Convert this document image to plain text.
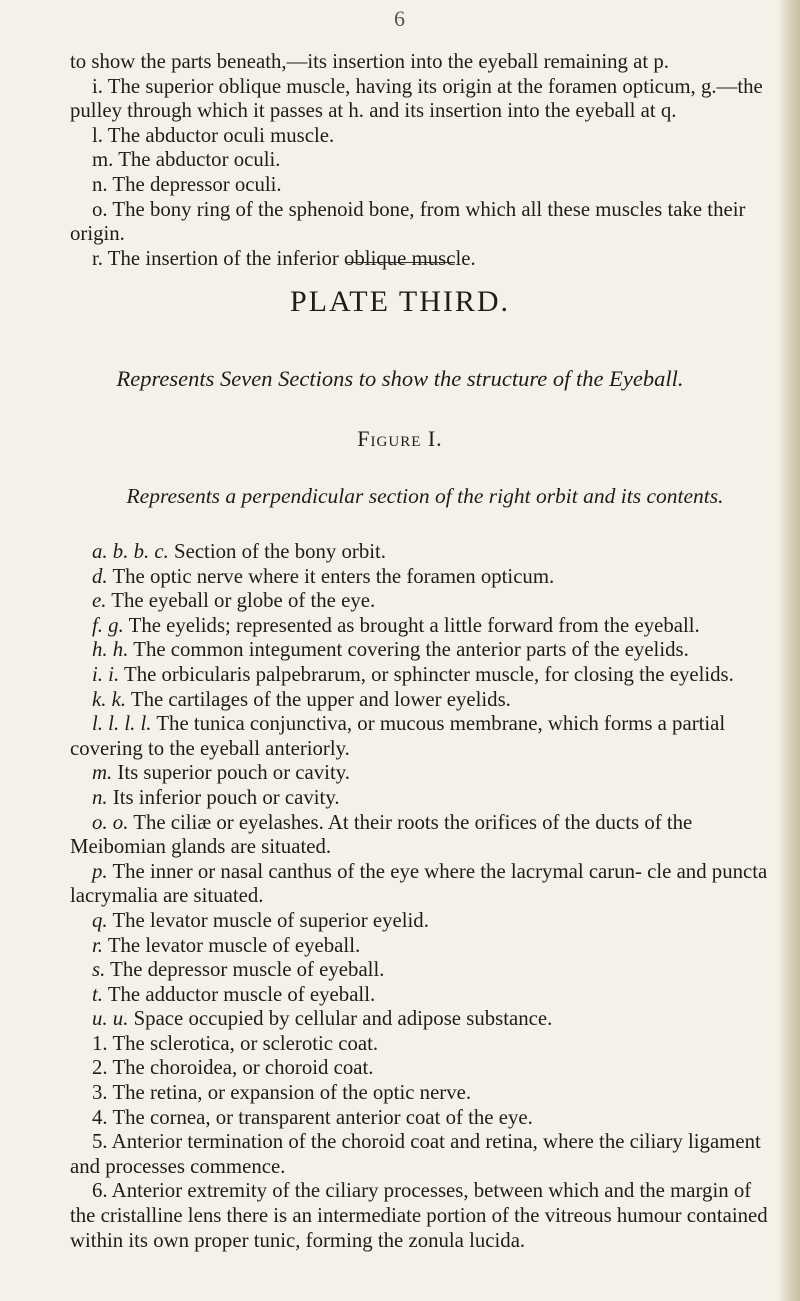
6

to show the parts beneath,—its insertion into the eyeball remaining at p.

i. The superior oblique muscle, having its origin at the foramen opticum, g.—the pulley through which it passes at h. and its insertion into the eyeball at q.

l. The abductor oculi muscle.

m. The abductor oculi.

n. The depressor oculi.

o. The bony ring of the sphenoid bone, from which all these muscles take their origin.

r. The insertion of the inferior oblique muscle.

PLATE THIRD.

Represents Seven Sections to show the structure of the Eyeball.

Figure I.

Represents a perpendicular section of the right orbit and its contents.

a. b. b. c. Section of the bony orbit.

d. The optic nerve where it enters the foramen opticum.

e. The eyeball or globe of the eye.

f. g. The eyelids; represented as brought a little forward from the eyeball.

h. h. The common integument covering the anterior parts of the eyelids.

i. i. The orbicularis palpebrarum, or sphincter muscle, for closing the eyelids.

k. k. The cartilages of the upper and lower eyelids.

l. l. l. l. The tunica conjunctiva, or mucous membrane, which forms a partial covering to the eyeball anteriorly.

m. Its superior pouch or cavity.

n. Its inferior pouch or cavity.

o. o. The ciliæ or eyelashes. At their roots the orifices of the ducts of the Meibomian glands are situated.

p. The inner or nasal canthus of the eye where the lacrymal carun- cle and puncta lacrymalia are situated.

q. The levator muscle of superior eyelid.

r. The levator muscle of eyeball.

s. The depressor muscle of eyeball.

t. The adductor muscle of eyeball.

u. u. Space occupied by cellular and adipose substance.

1. The sclerotica, or sclerotic coat.

2. The choroidea, or choroid coat.

3. The retina, or expansion of the optic nerve.

4. The cornea, or transparent anterior coat of the eye.

5. Anterior termination of the choroid coat and retina, where the ciliary ligament and processes commence.

6. Anterior extremity of the ciliary processes, between which and the margin of the cristalline lens there is an intermediate portion of the vitreous humour contained within its own proper tunic, forming the zonula lucida.
